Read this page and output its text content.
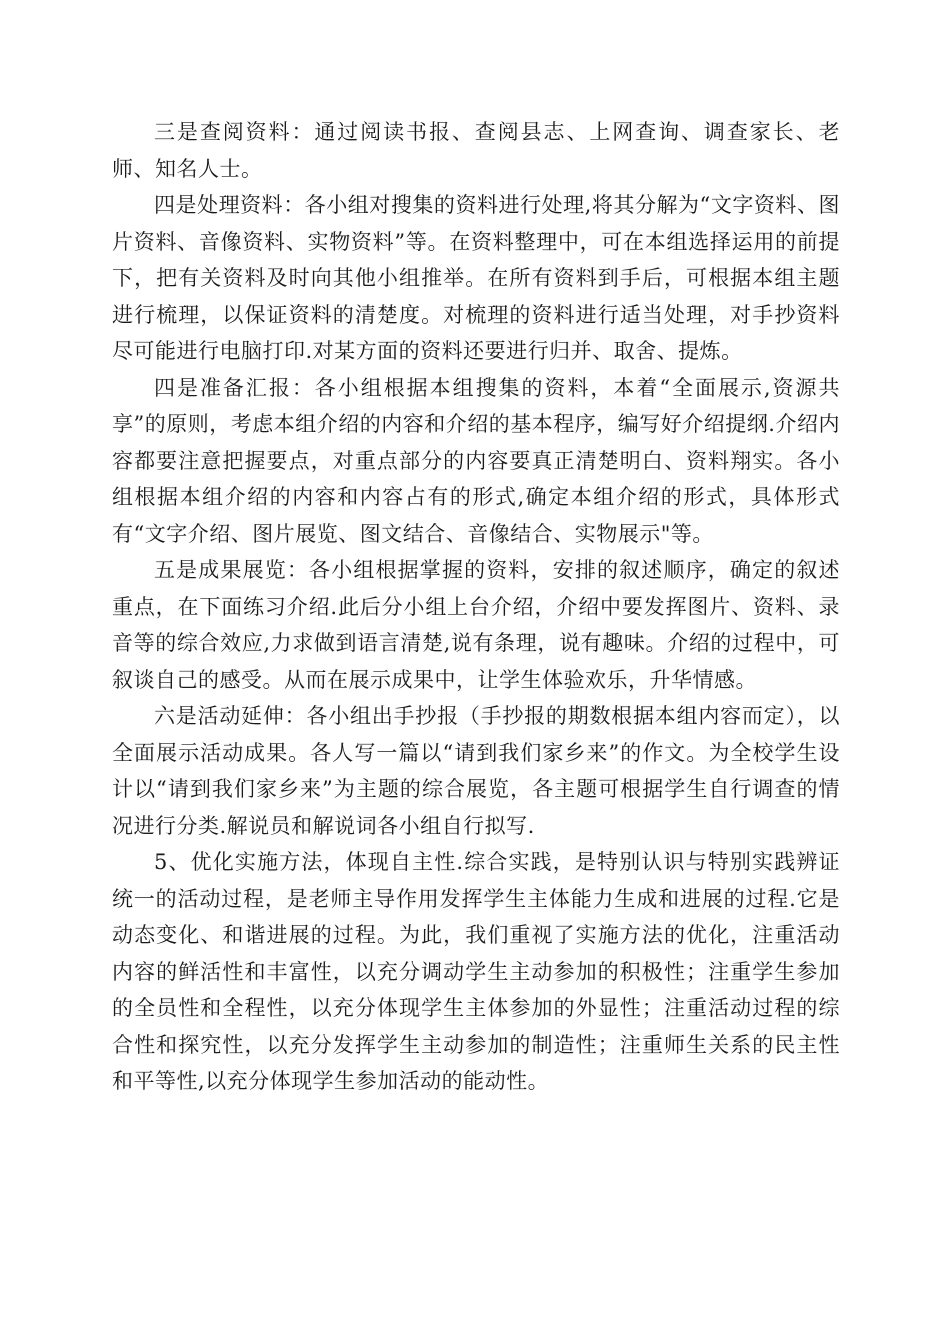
三是查阅资料：通过阅读书报、查阅县志、上网查询、调查家长、老师、知名人士。

四是处理资料：各小组对搜集的资料进行处理,将其分解为“文字资料、图片资料、音像资料、实物资料”等。在资料整理中，可在本组选择运用的前提下，把有关资料及时向其他小组推举。在所有资料到手后，可根据本组主题进行梳理，以保证资料的清楚度。对梳理的资料进行适当处理，对手抄资料尽可能进行电脑打印.对某方面的资料还要进行归并、取舍、提炼。

四是准备汇报：各小组根据本组搜集的资料，本着“全面展示,资源共享”的原则，考虑本组介绍的内容和介绍的基本程序，编写好介绍提纲.介绍内容都要注意把握要点，对重点部分的内容要真正清楚明白、资料翔实。各小组根据本组介绍的内容和内容占有的形式,确定本组介绍的形式，具体形式有“文字介绍、图片展览、图文结合、音像结合、实物展示"等。

五是成果展览：各小组根据掌握的资料，安排的叙述顺序，确定的叙述重点，在下面练习介绍.此后分小组上台介绍，介绍中要发挥图片、资料、录音等的综合效应,力求做到语言清楚,说有条理，说有趣味。介绍的过程中，可叙谈自己的感受。从而在展示成果中，让学生体验欢乐，升华情感。

六是活动延伸：各小组出手抄报（手抄报的期数根据本组内容而定），以全面展示活动成果。各人写一篇以“请到我们家乡来”的作文。为全校学生设计以“请到我们家乡来”为主题的综合展览，各主题可根据学生自行调查的情况进行分类.解说员和解说词各小组自行拟写.

5、优化实施方法，体现自主性.综合实践，是特别认识与特别实践辨证统一的活动过程，是老师主导作用发挥学生主体能力生成和进展的过程.它是动态变化、和谐进展的过程。为此，我们重视了实施方法的优化，注重活动内容的鲜活性和丰富性，以充分调动学生主动参加的积极性；注重学生参加的全员性和全程性，以充分体现学生主体参加的外显性；注重活动过程的综合性和探究性，以充分发挥学生主动参加的制造性；注重师生关系的民主性和平等性,以充分体现学生参加活动的能动性。
